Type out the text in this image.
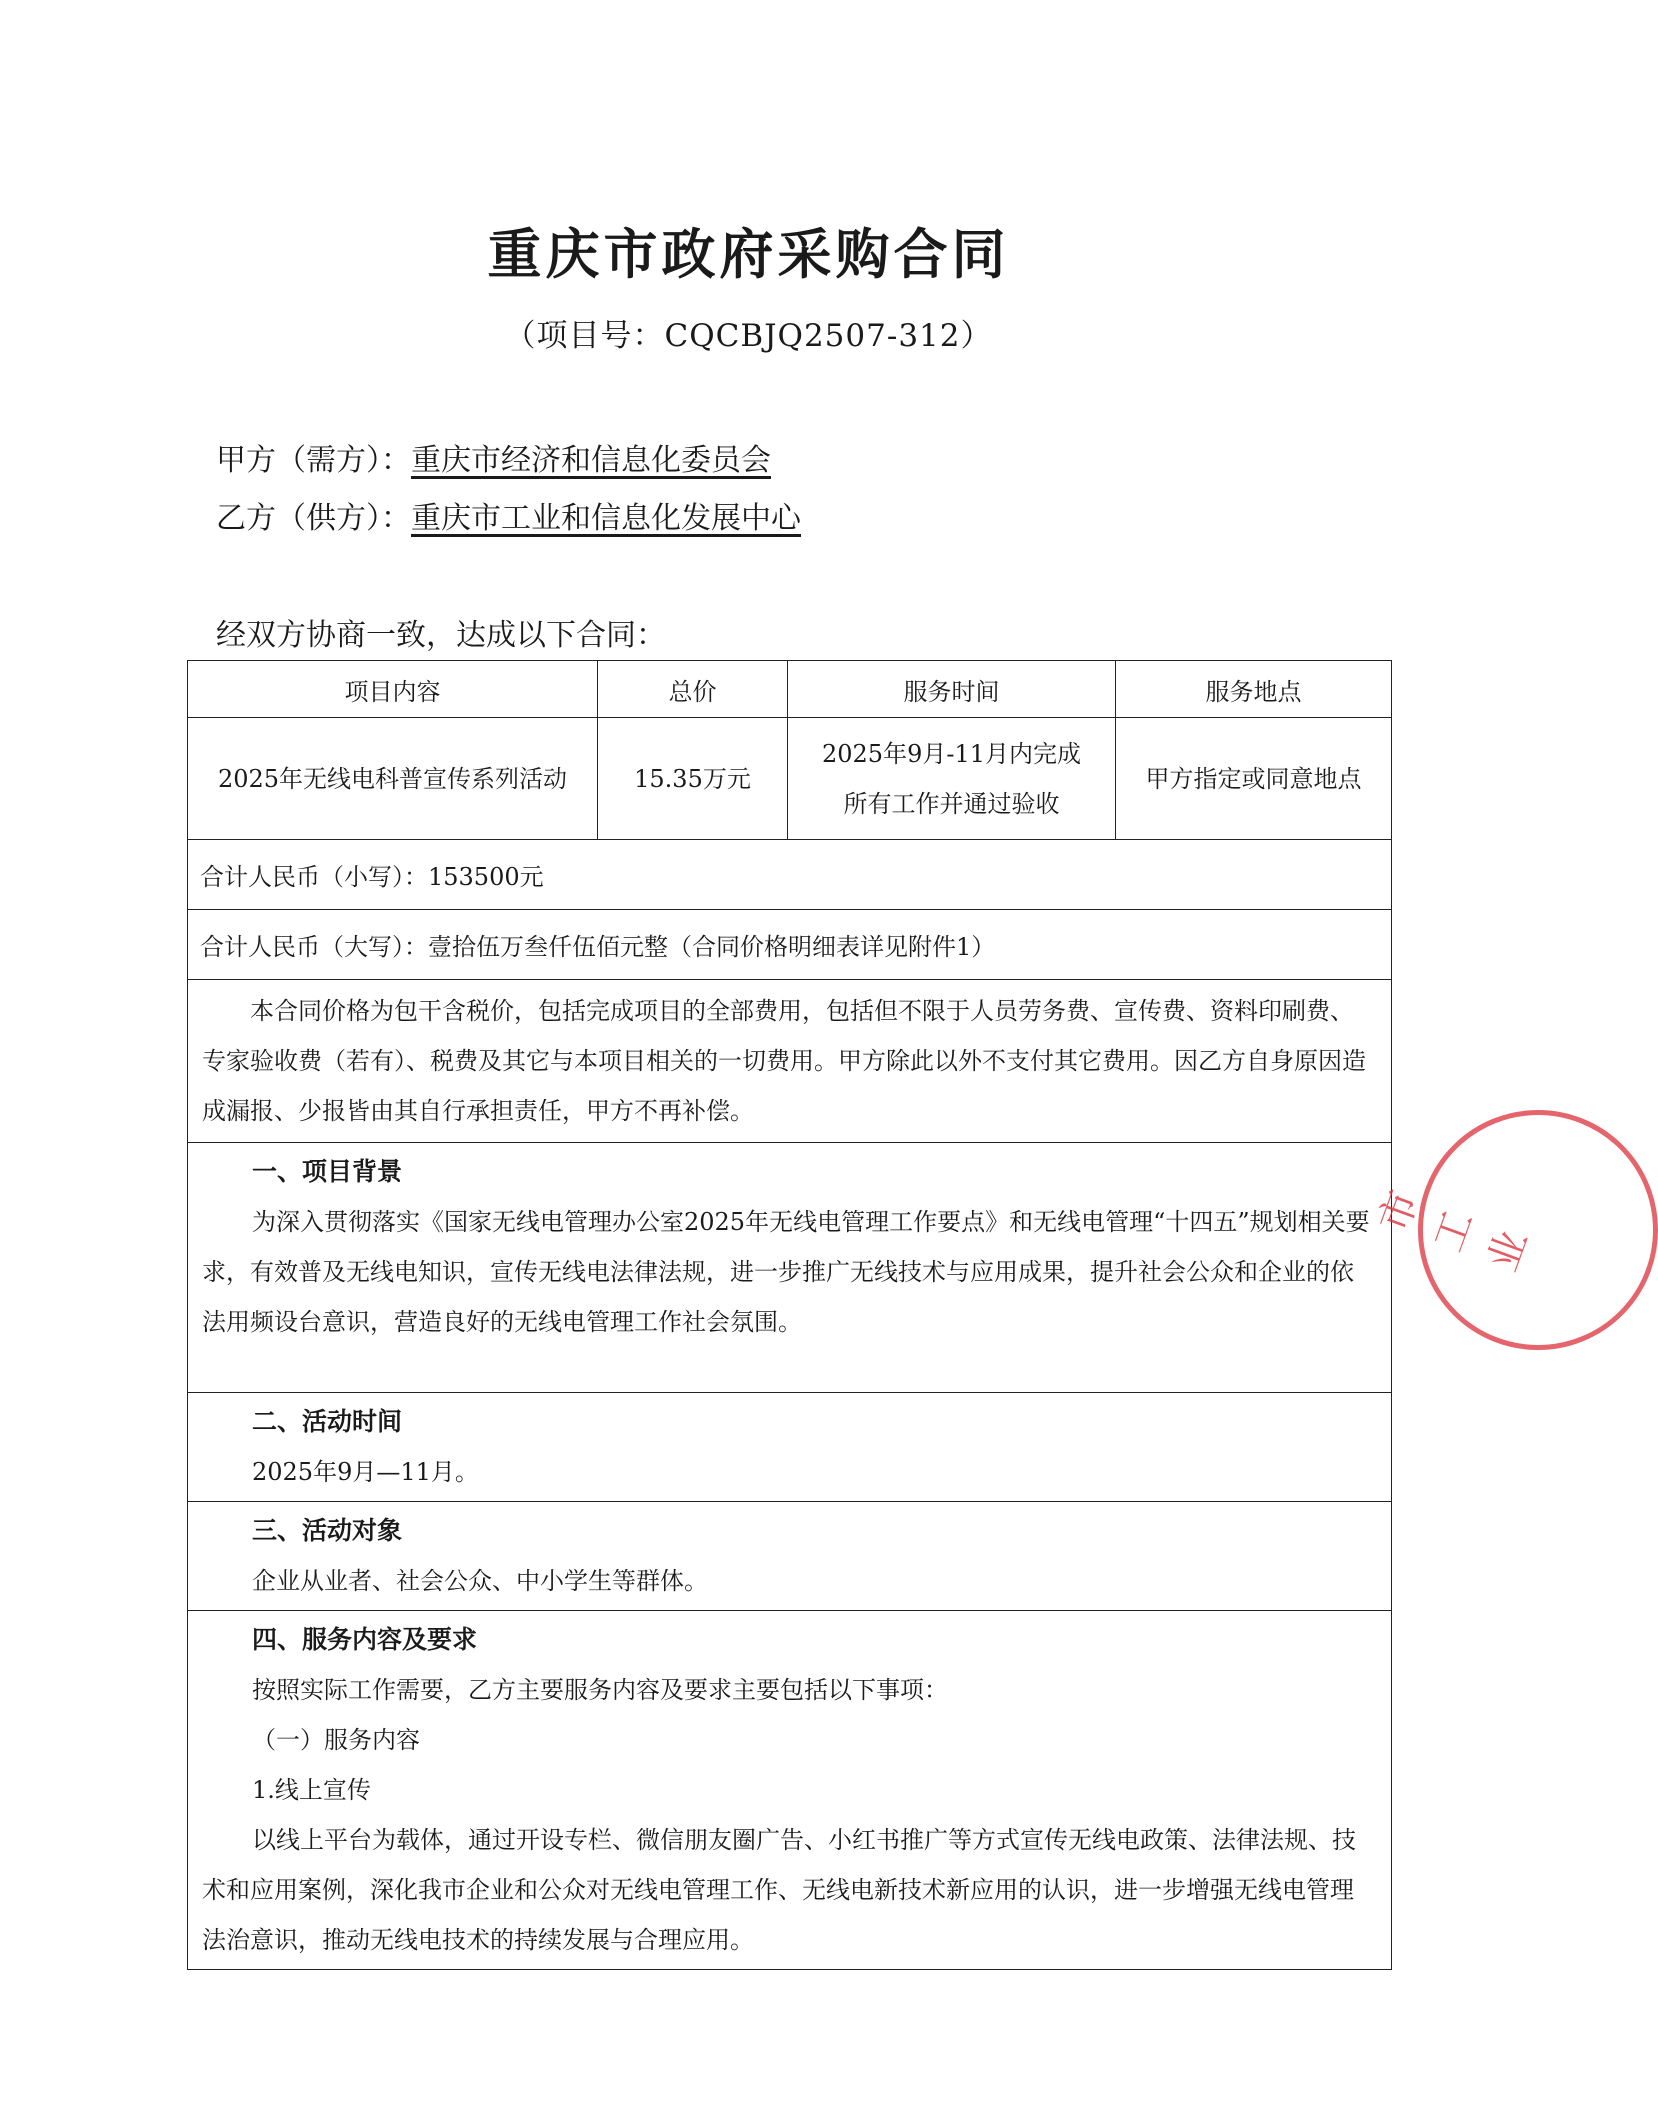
重庆市政府采购合同
（项目号：CQCBJQ2507-312）
甲方（需方）：重庆市经济和信息化委员会
乙方（供方）：重庆市工业和信息化发展中心
经双方协商一致，达成以下合同：
项目内容	总价	服务时间	服务地点
2025年无线电科普宣传系列活动	15.35万元	2025年9月-11月内完成
所有工作并通过验收	甲方指定或同意地点
合计人民币（小写）：153500元			
合计人民币（大写）：壹拾伍万叁仟伍佰元整（合同价格明细表详见附件1）			
本合同价格为包干含税价，包括完成项目的全部费用，包括但不限于人员劳务费、宣传费、资料印刷费、专家验收费（若有）、税费及其它与本项目相关的一切费用。甲方除此以外不支付其它费用。因乙方自身原因造成漏报、少报皆由其自行承担责任，甲方不再补偿。			

一、项目背景
为深入贯彻落实《国家无线电管理办公室2025年无线电管理工作要点》和无线电管理“十四五”规划相关要求，有效普及无线电知识，宣传无线电法律法规，进一步推广无线技术与应用成果，提升社会公众和企业的依法用频设台意识，营造良好的无线电管理工作社会氛围。			

二、活动时间
2025年9月—11月。			

三、活动对象
企业从业者、社会公众、中小学生等群体。			

四、服务内容及要求
按照实际工作需要，乙方主要服务内容及要求主要包括以下事项：
（一）服务内容
1.线上宣传
以线上平台为载体，通过开设专栏、微信朋友圈广告、小红书推广等方式宣传无线电政策、法律法规、技术和应用案例，深化我市企业和公众对无线电管理工作、无线电新技术新应用的认识，进一步增强无线电管理法治意识，推动无线电技术的持续发展与合理应用。			
市工业
